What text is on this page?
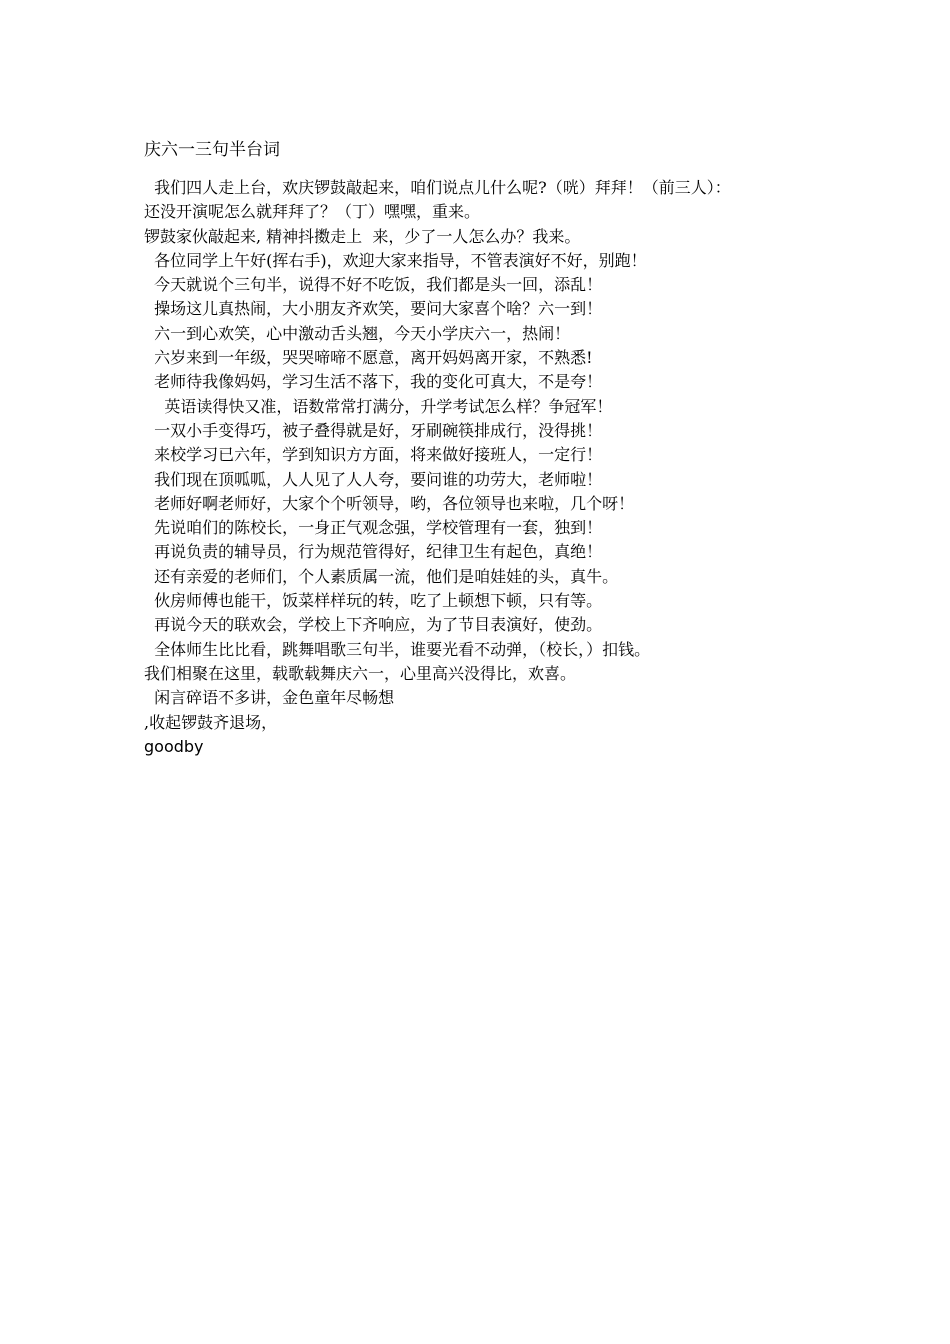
庆六一三句半台词
我们四人走上台，欢庆锣鼓敲起来，咱们说点儿什么呢?（咣）拜拜！（前三人）：
还没开演呢怎么就拜拜了？（丁）嘿嘿，重来。
锣鼓家伙敲起来, 精神抖擞走上  来，少了一人怎么办？我来。
各位同学上午好(挥右手)，欢迎大家来指导，不管表演好不好，别跑！
今天就说个三句半，说得不好不吃饭，我们都是头一回，添乱！
操场这儿真热闹，大小朋友齐欢笑，要问大家喜个啥？六一到！
六一到心欢笑，心中激动舌头翘，今天小学庆六一，热闹！
六岁来到一年级，哭哭啼啼不愿意，离开妈妈离开家，不熟悉!
老师待我像妈妈，学习生活不落下，我的变化可真大，不是夸！
英语读得快又准，语数常常打满分，升学考试怎么样？争冠军！
一双小手变得巧，被子叠得就是好，牙刷碗筷排成行，没得挑！
来校学习已六年，学到知识方方面，将来做好接班人，一定行！
我们现在顶呱呱，人人见了人人夸，要问谁的功劳大，老师啦！
老师好啊老师好，大家个个听领导，哟，各位领导也来啦，几个呀！
先说咱们的陈校长，一身正气观念强，学校管理有一套，独到！
再说负责的辅导员，行为规范管得好，纪律卫生有起色，真绝！
还有亲爱的老师们，个人素质属一流，他们是咱娃娃的头，真牛。
伙房师傅也能干，饭菜样样玩的转，吃了上顿想下顿，只有等。
再说今天的联欢会，学校上下齐响应，为了节目表演好，使劲。
全体师生比比看，跳舞唱歌三句半，谁要光看不动弹，（校长，）扣钱。
我们相聚在这里，载歌载舞庆六一，心里高兴没得比，欢喜。
闲言碎语不多讲，金色童年尽畅想
,收起锣鼓齐退场，
goodby
